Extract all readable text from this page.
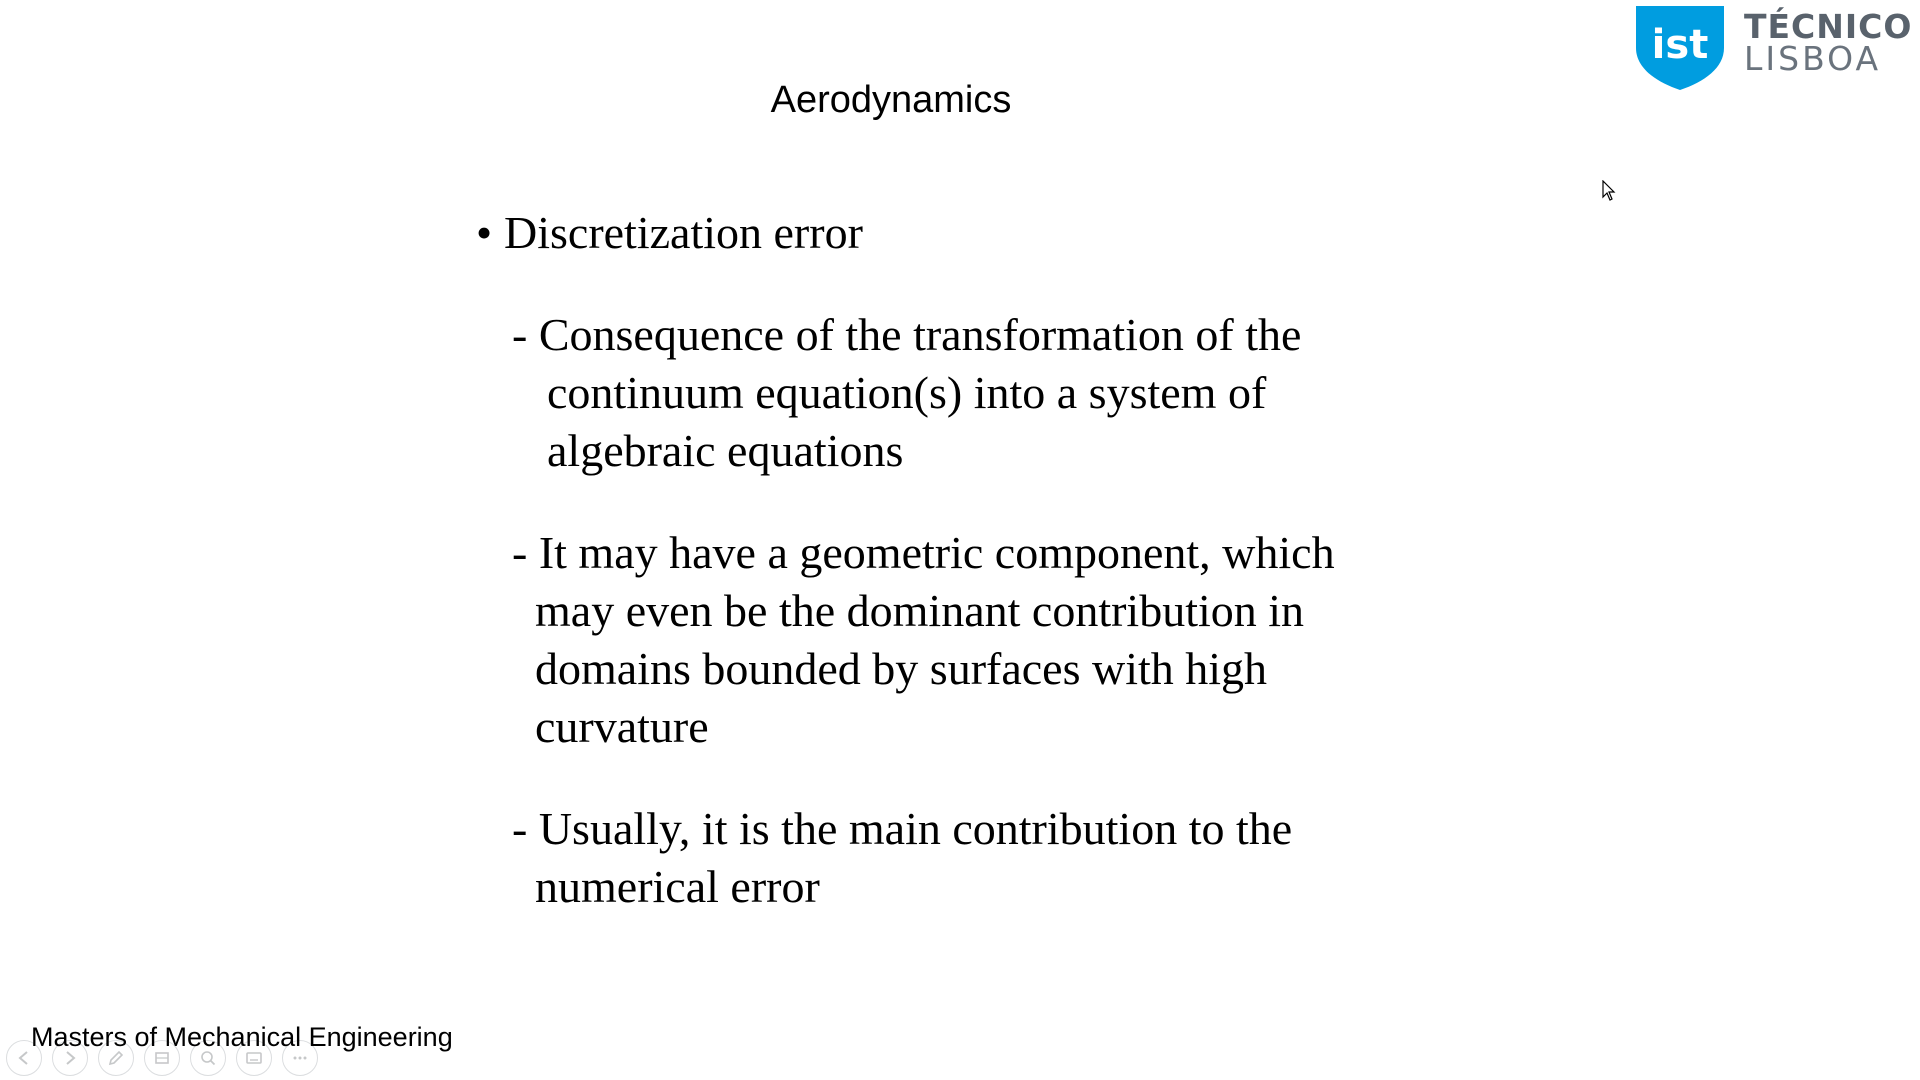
Aerodynamics
ist TÉCNICO
LISBOA
• Discretization error
- Consequence of the transformation of the
continuum equation(s) into a system of
algebraic equations
- It may have a geometric component, which
may even be the dominant contribution in
domains bounded by surfaces with high
curvature
- Usually, it is the main contribution to the
numerical error
Masters of Mechanical Engineering
